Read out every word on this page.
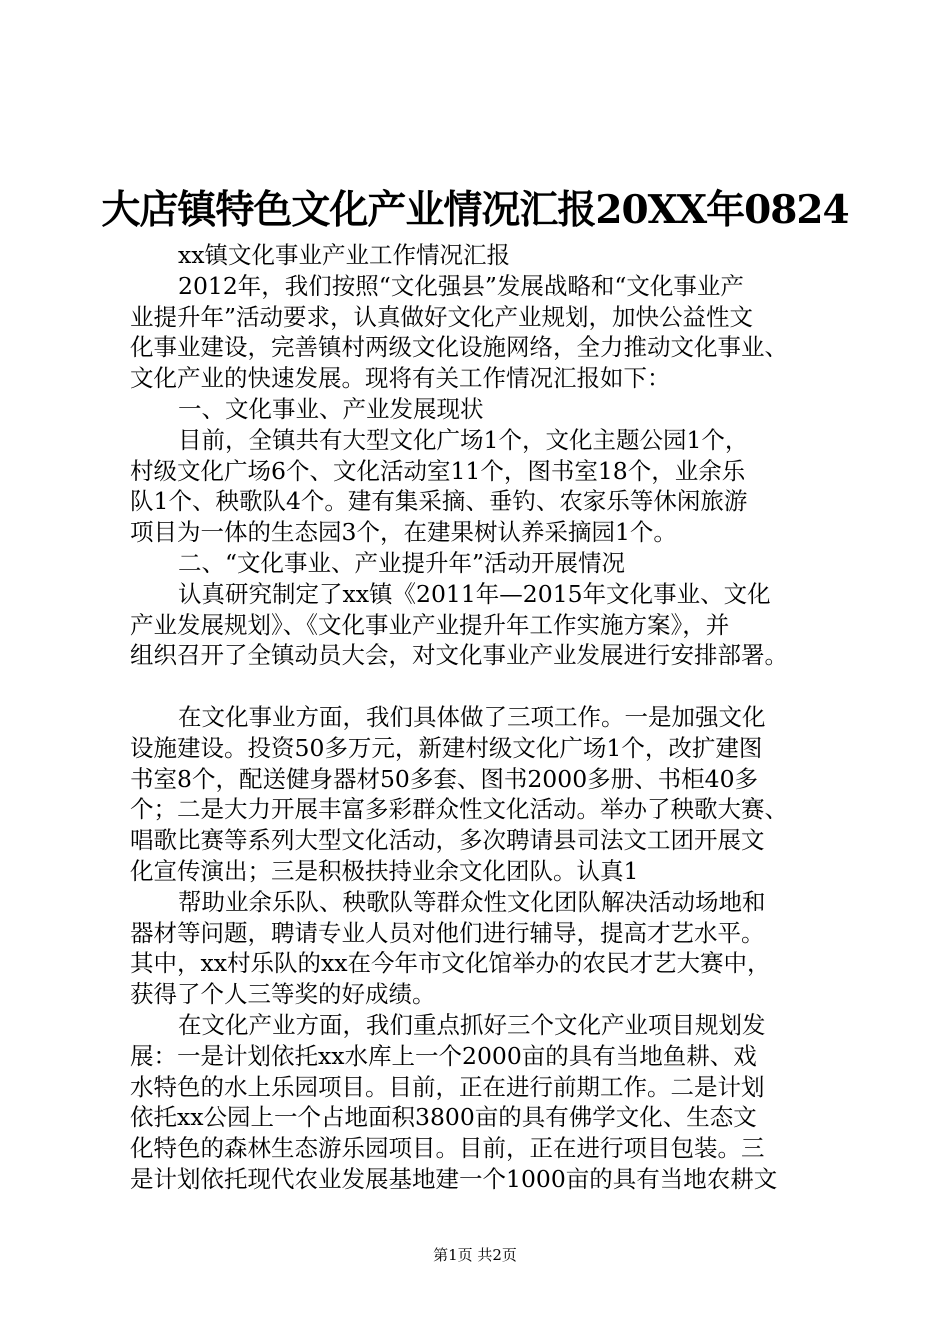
大店镇特色文化产业情况汇报20XX年0824
xx镇文化事业产业工作情况汇报
2012年，我们按照“文化强县”发展战略和“文化事业产
业提升年”活动要求，认真做好文化产业规划，加快公益性文
化事业建设，完善镇村两级文化设施网络，全力推动文化事业、
文化产业的快速发展。现将有关工作情况汇报如下：
一、文化事业、产业发展现状
目前，全镇共有大型文化广场1个，文化主题公园1个，
村级文化广场6个、文化活动室11个，图书室18个，业余乐
队1个、秧歌队4个。建有集采摘、垂钓、农家乐等休闲旅游
项目为一体的生态园3个，在建果树认养采摘园1个。
二、“文化事业、产业提升年”活动开展情况
认真研究制定了xx镇《2011年—2015年文化事业、文化
产业发展规划》、《文化事业产业提升年工作实施方案》，并
组织召开了全镇动员大会，对文化事业产业发展进行安排部署。
在文化事业方面，我们具体做了三项工作。一是加强文化
设施建设。投资50多万元，新建村级文化广场1个，改扩建图
书室8个，配送健身器材50多套、图书2000多册、书柜40多
个；二是大力开展丰富多彩群众性文化活动。举办了秧歌大赛、
唱歌比赛等系列大型文化活动，多次聘请县司法文工团开展文
化宣传演出；三是积极扶持业余文化团队。认真1
帮助业余乐队、秧歌队等群众性文化团队解决活动场地和
器材等问题，聘请专业人员对他们进行辅导，提高才艺水平。
其中，xx村乐队的xx在今年市文化馆举办的农民才艺大赛中，
获得了个人三等奖的好成绩。
在文化产业方面，我们重点抓好三个文化产业项目规划发
展：一是计划依托xx水库上一个2000亩的具有当地鱼耕、戏
水特色的水上乐园项目。目前，正在进行前期工作。二是计划
依托xx公园上一个占地面积3800亩的具有佛学文化、生态文
化特色的森林生态游乐园项目。目前，正在进行项目包装。三
是计划依托现代农业发展基地建一个1000亩的具有当地农耕文
第1页 共2页
